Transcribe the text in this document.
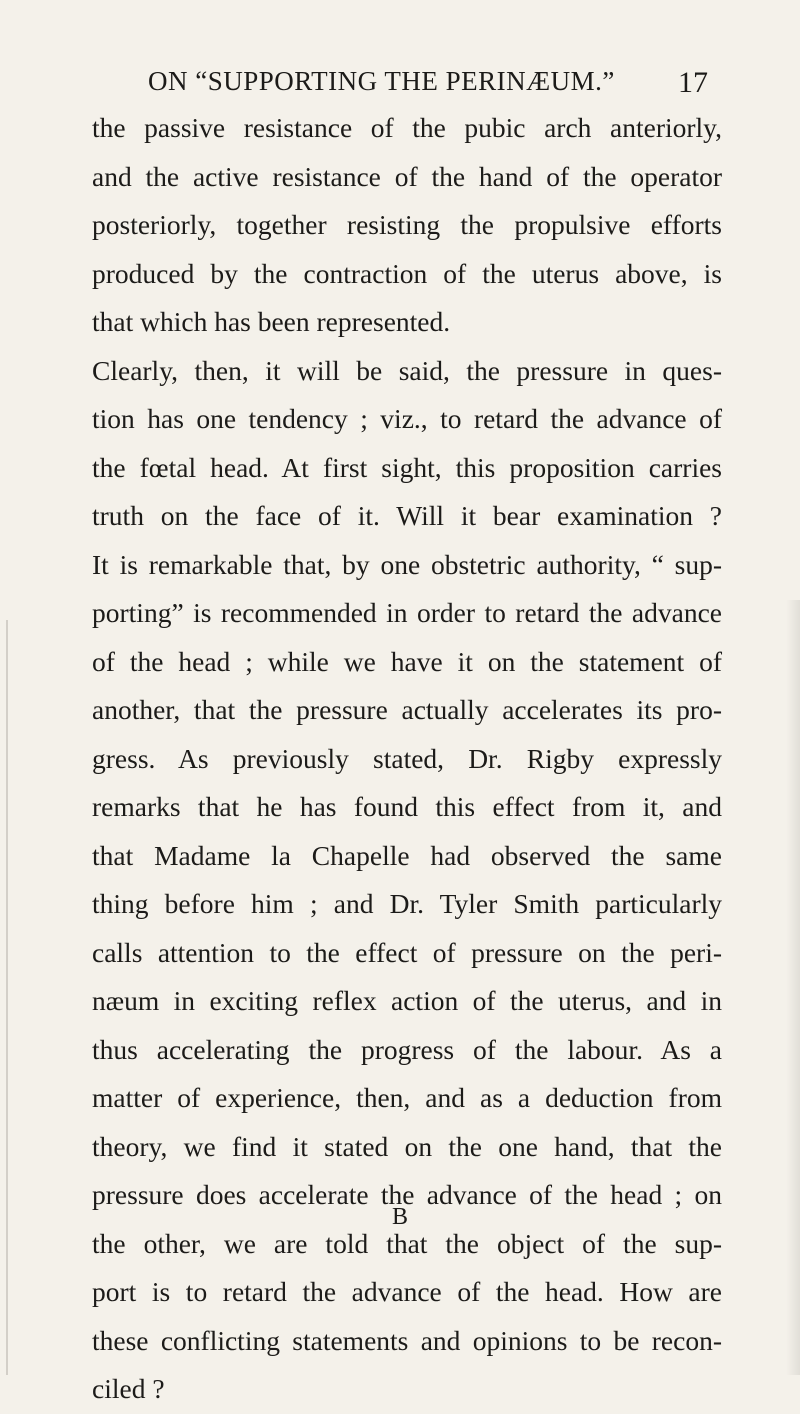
ON “SUPPORTING THE PERINÆUM.”	17
the passive resistance of the pubic arch anteriorly,
and the active resistance of the hand of the operator
posteriorly, together resisting the propulsive efforts
produced by the contraction of the uterus above, is
that which has been represented.
Clearly, then, it will be said, the pressure in ques-
tion has one tendency ; viz., to retard the advance of
the fœtal head. At first sight, this proposition carries
truth on the face of it. Will it bear examination ?
It is remarkable that, by one obstetric authority, “ sup-
porting” is recommended in order to retard the advance
of the head ; while we have it on the statement of
another, that the pressure actually accelerates its pro-
gress. As previously stated, Dr. Rigby expressly
remarks that he has found this effect from it, and
that Madame la Chapelle had observed the same
thing before him ; and Dr. Tyler Smith particularly
calls attention to the effect of pressure on the peri-
næum in exciting reflex action of the uterus, and in
thus accelerating the progress of the labour. As a
matter of experience, then, and as a deduction from
theory, we find it stated on the one hand, that the
pressure does accelerate the advance of the head ; on
the other, we are told that the object of the sup-
port is to retard the advance of the head. How are
these conflicting statements and opinions to be recon-
ciled ?
B
